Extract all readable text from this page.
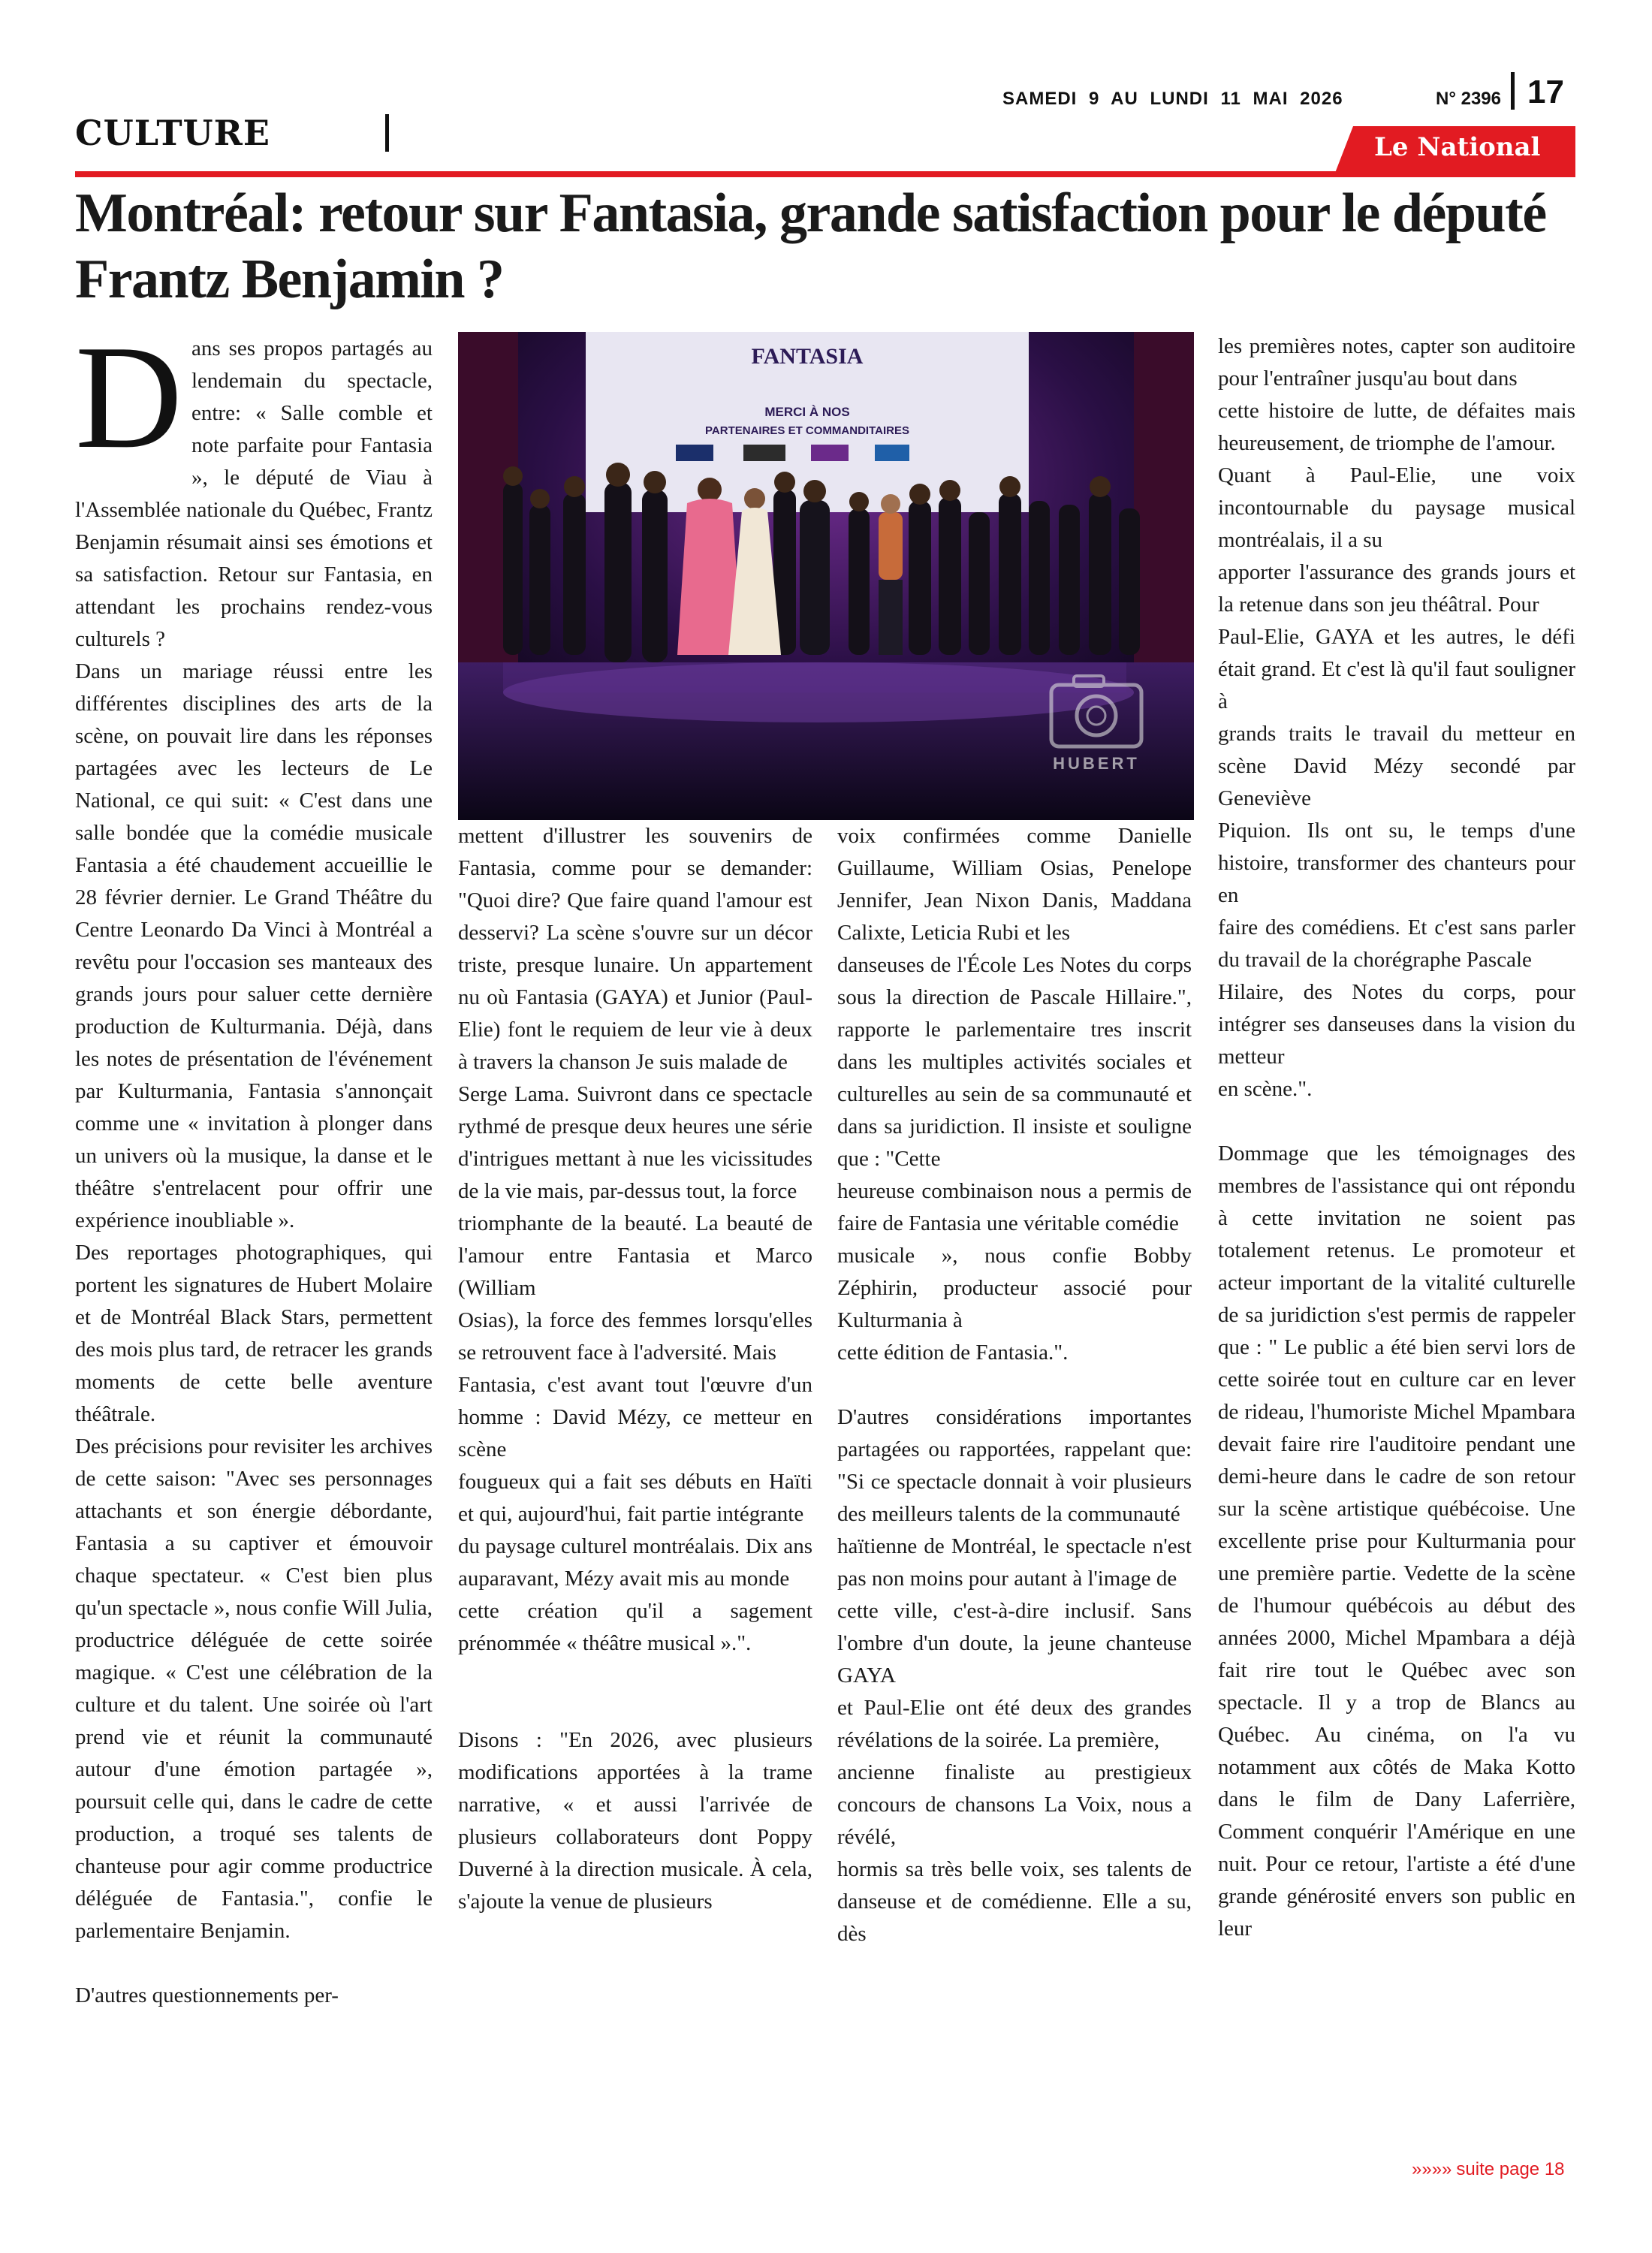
CULTURE
SAMEDI 9 AU LUNDI 11 MAI 2026	N° 2396 17
Le National
Montréal: retour sur Fantasia, grande satisfaction pour le député Frantz Benjamin ?
D ans ses propos partagés au lendemain du spectacle, entre: « Salle comble et note parfaite pour Fantasia », le député de Viau à l'Assemblée nationale du Québec, Frantz Benjamin résumait ainsi ses émotions et sa satisfaction. Retour sur Fantasia, en attendant les prochains rendez-vous culturels ?

Dans un mariage réussi entre les différentes disciplines des arts de la scène, on pouvait lire dans les réponses partagées avec les lecteurs de Le National, ce qui suit: « C'est dans une salle bondée que la comédie musicale Fantasia a été chaudement accueillie le 28 février dernier. Le Grand Théâtre du Centre Leonardo Da Vinci à Montréal a revêtu pour l'occasion ses manteaux des grands jours pour saluer cette dernière production de Kulturmania. Déjà, dans les notes de présentation de l'événement par Kulturmania, Fantasia s'annonçait comme une « invitation à plonger dans un univers où la musique, la danse et le théâtre s'entrelacent pour offrir une expérience inoubliable ».

Des reportages photographiques, qui portent les signatures de Hubert Molaire et de Montréal Black Stars, permettent des mois plus tard, de retracer les grands moments de cette belle aventure théâtrale.

Des précisions pour revisiter les archives de cette saison: "Avec ses personnages attachants et son énergie débordante, Fantasia a su captiver et émouvoir chaque spectateur. « C'est bien plus qu'un spectacle », nous confie Will Julia, productrice déléguée de cette soirée magique. « C'est une célébration de la culture et du talent. Une soirée où l'art prend vie et réunit la communauté autour d'une émotion partagée », poursuit celle qui, dans le cadre de cette production, a troqué ses talents de chanteuse pour agir comme productrice déléguée de Fantasia.", confie le parlementaire Benjamin.

D'autres questionnements per-

FANTASIA
MERCI À NOS
PARTENAIRES ET COMMANDITAIRES
HUBERT

mettent d'illustrer les souvenirs de Fantasia, comme pour se demander: "Quoi dire? Que faire quand l'amour est desservi? La scène s'ouvre sur un décor triste, presque lunaire. Un appartement nu où Fantasia (GAYA) et Junior (Paul-Elie) font le requiem de leur vie à deux à travers la chanson Je suis malade de

Serge Lama. Suivront dans ce spectacle rythmé de presque deux heures une série

d'intrigues mettant à nue les vicissitudes de la vie mais, par-dessus tout, la force

triomphante de la beauté. La beauté de l'amour entre Fantasia et Marco (William

Osias), la force des femmes lorsqu'elles se retrouvent face à l'adversité. Mais

Fantasia, c'est avant tout l'œuvre d'un homme : David Mézy, ce metteur en scène

fougueux qui a fait ses débuts en Haïti et qui, aujourd'hui, fait partie intégrante

du paysage culturel montréalais. Dix ans auparavant, Mézy avait mis au monde

cette création qu'il a sagement prénommée « théâtre musical ».".

Disons : "En 2026, avec plusieurs modifications apportées à la trame narrative, « et aussi l'arrivée de plusieurs collaborateurs dont Poppy Duverné à la direction musicale. À cela, s'ajoute la venue de plusieurs

voix confirmées comme Danielle Guillaume, William Osias, Penelope Jennifer, Jean Nixon Danis, Maddana Calixte, Leticia Rubi et les

danseuses de l'École Les Notes du corps sous la direction de Pascale Hillaire.", rapporte le parlementaire tres inscrit dans les multiples activités sociales et culturelles au sein de sa communauté et dans sa juridiction. Il insiste et souligne que : "Cette

heureuse combinaison nous a permis de faire de Fantasia une véritable comédie

musicale », nous confie Bobby Zéphirin, producteur associé pour Kulturmania à

cette édition de Fantasia.".

D'autres considérations importantes partagées ou rapportées, rappelant que: "Si ce spectacle donnait à voir plusieurs des meilleurs talents de la communauté

haïtienne de Montréal, le spectacle n'est pas non moins pour autant à l'image de

cette ville, c'est-à-dire inclusif. Sans l'ombre d'un doute, la jeune chanteuse GAYA

et Paul-Elie ont été deux des grandes révélations de la soirée. La première,

ancienne finaliste au prestigieux concours de chansons La Voix, nous a révélé,

hormis sa très belle voix, ses talents de danseuse et de comédienne. Elle a su, dès

les premières notes, capter son auditoire pour l'entraîner jusqu'au bout dans

cette histoire de lutte, de défaites mais heureusement, de triomphe de l'amour.

Quant à Paul-Elie, une voix incontournable du paysage musical montréalais, il a su

apporter l'assurance des grands jours et la retenue dans son jeu théâtral. Pour

Paul-Elie, GAYA et les autres, le défi était grand. Et c'est là qu'il faut souligner à

grands traits le travail du metteur en scène David Mézy secondé par Geneviève

Piquion. Ils ont su, le temps d'une histoire, transformer des chanteurs pour en

faire des comédiens. Et c'est sans parler du travail de la chorégraphe Pascale

Hilaire, des Notes du corps, pour intégrer ses danseuses dans la vision du metteur

en scène.".

Dommage que les témoignages des membres de l'assistance qui ont répondu à cette invitation ne soient pas totalement retenus. Le promoteur et acteur important de la vitalité culturelle de sa juridiction s'est permis de rappeler que : " Le public a été bien servi lors de cette soirée tout en culture car en lever de rideau, l'humoriste Michel Mpambara devait faire rire l'auditoire pendant une demi-heure dans le cadre de son retour sur la scène artistique québécoise. Une excellente prise pour Kulturmania pour une première partie. Vedette de la scène de l'humour québécois au début des années 2000, Michel Mpambara a déjà fait rire tout le Québec avec son spectacle. Il y a trop de Blancs au Québec. Au cinéma, on l'a vu notamment aux côtés de Maka Kotto dans le film de Dany Laferrière, Comment conquérir l'Amérique en une nuit. Pour ce retour, l'artiste a été d'une grande générosité envers son public en leur

»»»» suite page 18
